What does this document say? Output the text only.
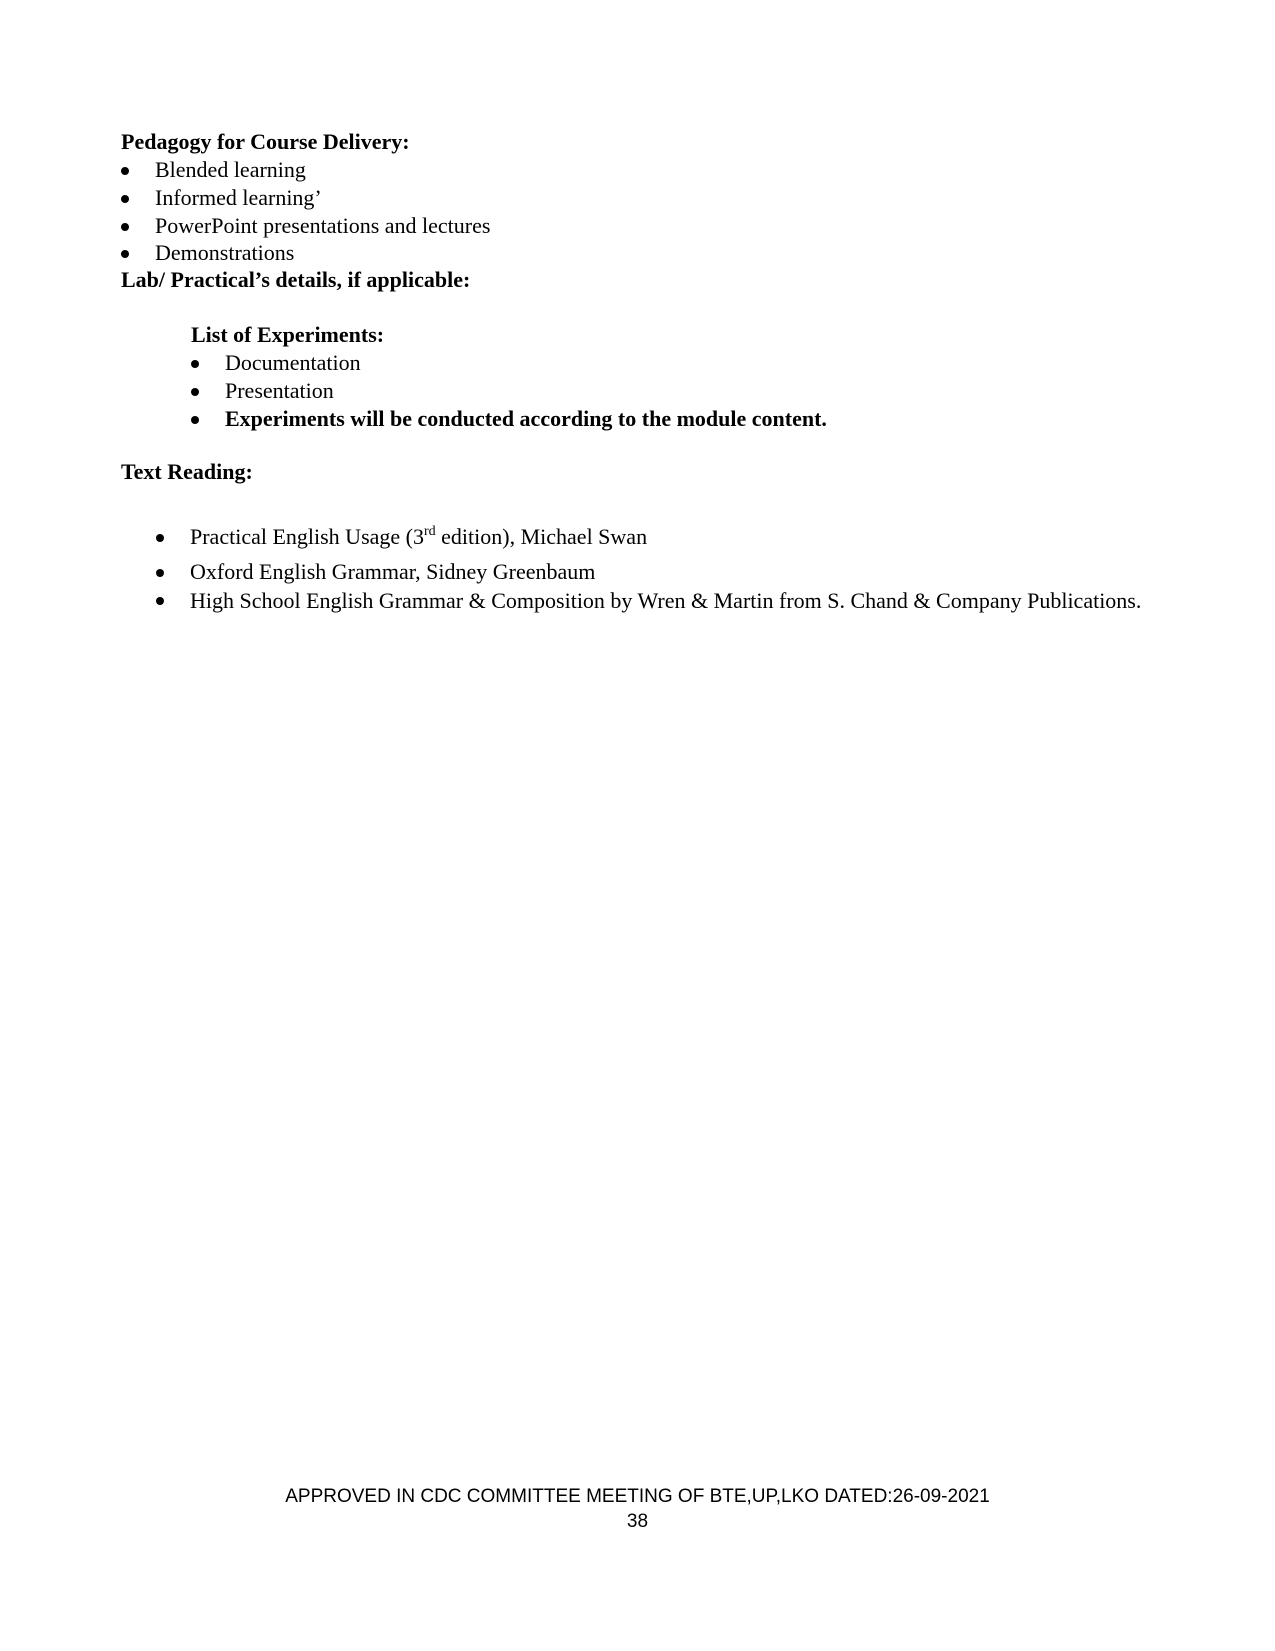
Pedagogy for Course Delivery:
Blended learning
Informed learning’
PowerPoint presentations and lectures
Demonstrations
Lab/ Practical’s details, if applicable:
List of Experiments:
Documentation
Presentation
Experiments will be conducted according to the module content.
Text Reading:
Practical English Usage (3rd edition), Michael Swan
Oxford English Grammar, Sidney Greenbaum
High School English Grammar & Composition by Wren & Martin from S. Chand & Company Publications.
APPROVED IN CDC COMMITTEE MEETING OF BTE,UP,LKO DATED:26-09-2021
38
